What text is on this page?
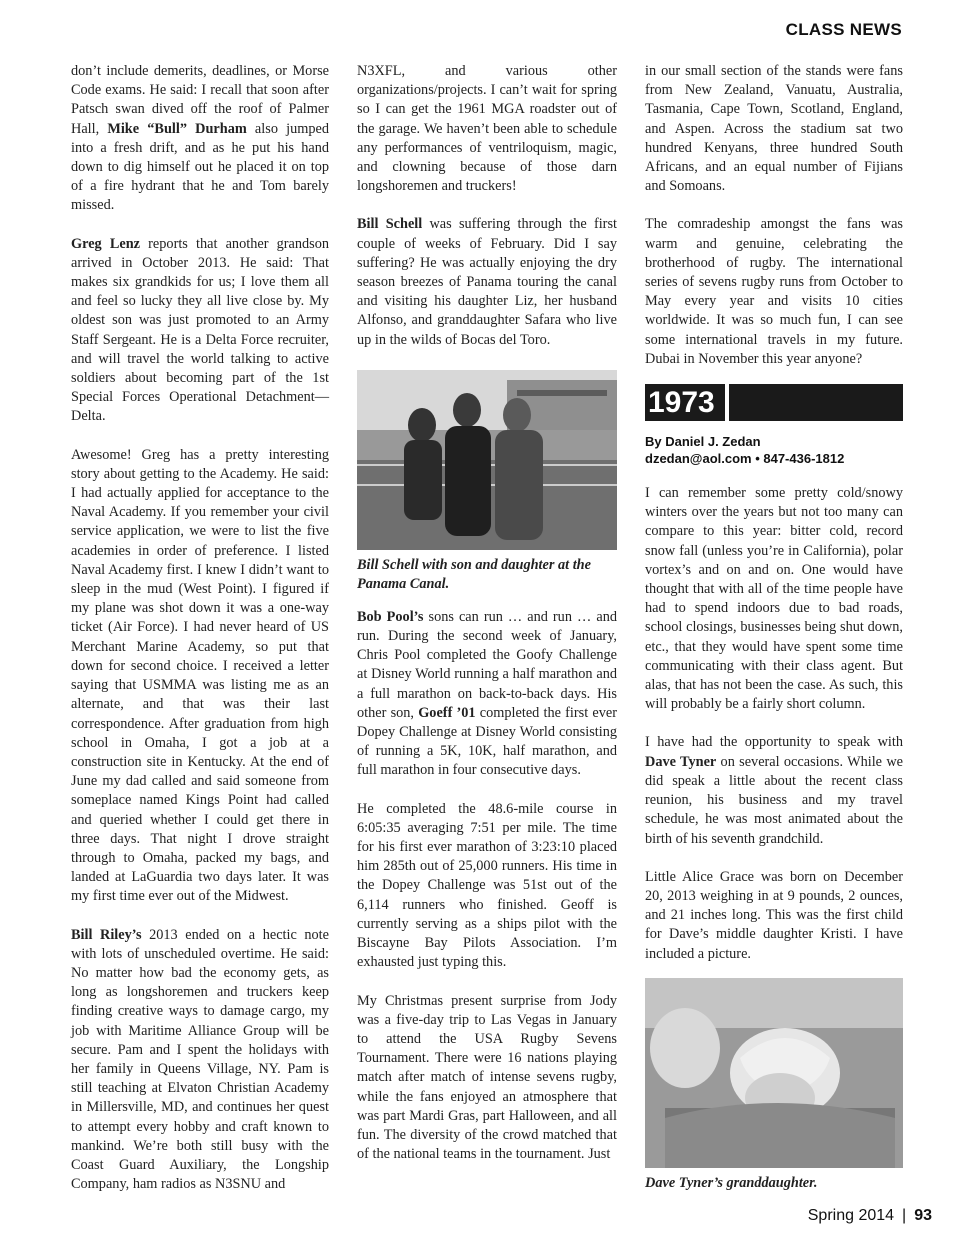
CLASS NEWS

don’t include demerits, deadlines, or Morse Code exams. He said: I recall that soon after Patsch swan dived off the roof of Palmer Hall, Mike “Bull” Durham also jumped into a fresh drift, and as he put his hand down to dig himself out he placed it on top of a fire hydrant that he and Tom barely missed.

Greg Lenz reports that another grandson arrived in October 2013. He said: That makes six grandkids for us; I love them all and feel so lucky they all live close by. My oldest son was just promoted to an Army Staff Sergeant. He is a Delta Force recruiter, and will travel the world talking to active soldiers about becoming part of the 1st Special Forces Operational Detachment—Delta.

Awesome! Greg has a pretty interesting story about getting to the Academy. He said: I had actually applied for acceptance to the Naval Academy. If you remember your civil service application, we were to list the five academies in order of preference. I listed Naval Academy first. I knew I didn’t want to sleep in the mud (West Point). I figured if my plane was shot down it was a one-way ticket (Air Force). I had never heard of US Merchant Marine Academy, so put that down for second choice. I received a letter saying that USMMA was listing me as an alternate, and that was their last correspondence. After graduation from high school in Omaha, I got a job at a construction site in Kentucky. At the end of June my dad called and said someone from someplace named Kings Point had called and queried whether I could get there in three days. That night I drove straight through to Omaha, packed my bags, and landed at LaGuardia two days later. It was my first time ever out of the Midwest.

Bill Riley’s 2013 ended on a hectic note with lots of unscheduled overtime. He said: No matter how bad the economy gets, as long as longshoremen and truckers keep finding creative ways to damage cargo, my job with Maritime Alliance Group will be secure. Pam and I spent the holidays with her family in Queens Village, NY. Pam is still teaching at Elvaton Christian Academy in Millersville, MD, and continues her quest to attempt every hobby and craft known to mankind. We’re both still busy with the Coast Guard Auxiliary, the Longship Company, ham radios as N3SNU and

N3XFL, and various other organizations/projects. I can’t wait for spring so I can get the 1961 MGA roadster out of the garage. We haven’t been able to schedule any performances of ventriloquism, magic, and clowning because of those darn longshoremen and truckers!

Bill Schell was suffering through the first couple of weeks of February. Did I say suffering? He was actually enjoying the dry season breezes of Panama touring the canal and visiting his daughter Liz, her husband Alfonso, and granddaughter Safara who live up in the wilds of Bocas del Toro.

Bill Schell with son and daughter at the Panama Canal.

Bob Pool’s sons can run … and run … and run. During the second week of January, Chris Pool completed the Goofy Challenge at Disney World running a half marathon and a full marathon on back-to-back days. His other son, Goeff ’01 completed the first ever Dopey Challenge at Disney World consisting of running a 5K, 10K, half marathon, and full marathon in four consecutive days.

He completed the 48.6-mile course in 6:05:35 averaging 7:51 per mile. The time for his first ever marathon of 3:23:10 placed him 285th out of 25,000 runners. His time in the Dopey Challenge was 51st out of the 6,114 runners who finished. Geoff is currently serving as a ships pilot with the Biscayne Bay Pilots Association. I’m exhausted just typing this.

My Christmas present surprise from Jody was a five-day trip to Las Vegas in January to attend the USA Rugby Sevens Tournament. There were 16 nations playing match after match of intense sevens rugby, while the fans enjoyed an atmosphere that was part Mardi Gras, part Halloween, and all fun. The diversity of the crowd matched that of the national teams in the tournament. Just

in our small section of the stands were fans from New Zealand, Vanuatu, Australia, Tasmania, Cape Town, Scotland, England, and Aspen. Across the stadium sat two hundred Kenyans, three hundred South Africans, and an equal number of Fijians and Somoans.

The comradeship amongst the fans was warm and genuine, celebrating the brotherhood of rugby. The international series of sevens rugby runs from October to May every year and visits 10 cities worldwide. It was so much fun, I can see some international travels in my future. Dubai in November this year anyone?

1973
By Daniel J. Zedan
dzedan@aol.com • 847-436-1812

I can remember some pretty cold/snowy winters over the years but not too many can compare to this year: bitter cold, record snow fall (unless you’re in California), polar vortex’s and on and on. One would have thought that with all of the time people have had to spend indoors due to bad roads, school closings, businesses being shut down, etc., that they would have spent some time communicating with their class agent. But alas, that has not been the case. As such, this will probably be a fairly short column.

I have had the opportunity to speak with Dave Tyner on several occasions. While we did speak a little about the recent class reunion, his business and my travel schedule, he was most animated about the birth of his seventh grandchild.

Little Alice Grace was born on December 20, 2013 weighing in at 9 pounds, 2 ounces, and 21 inches long. This was the first child for Dave’s middle daughter Kristi. I have included a picture.

Dave Tyner’s granddaughter.
Spring 2014 | 93
